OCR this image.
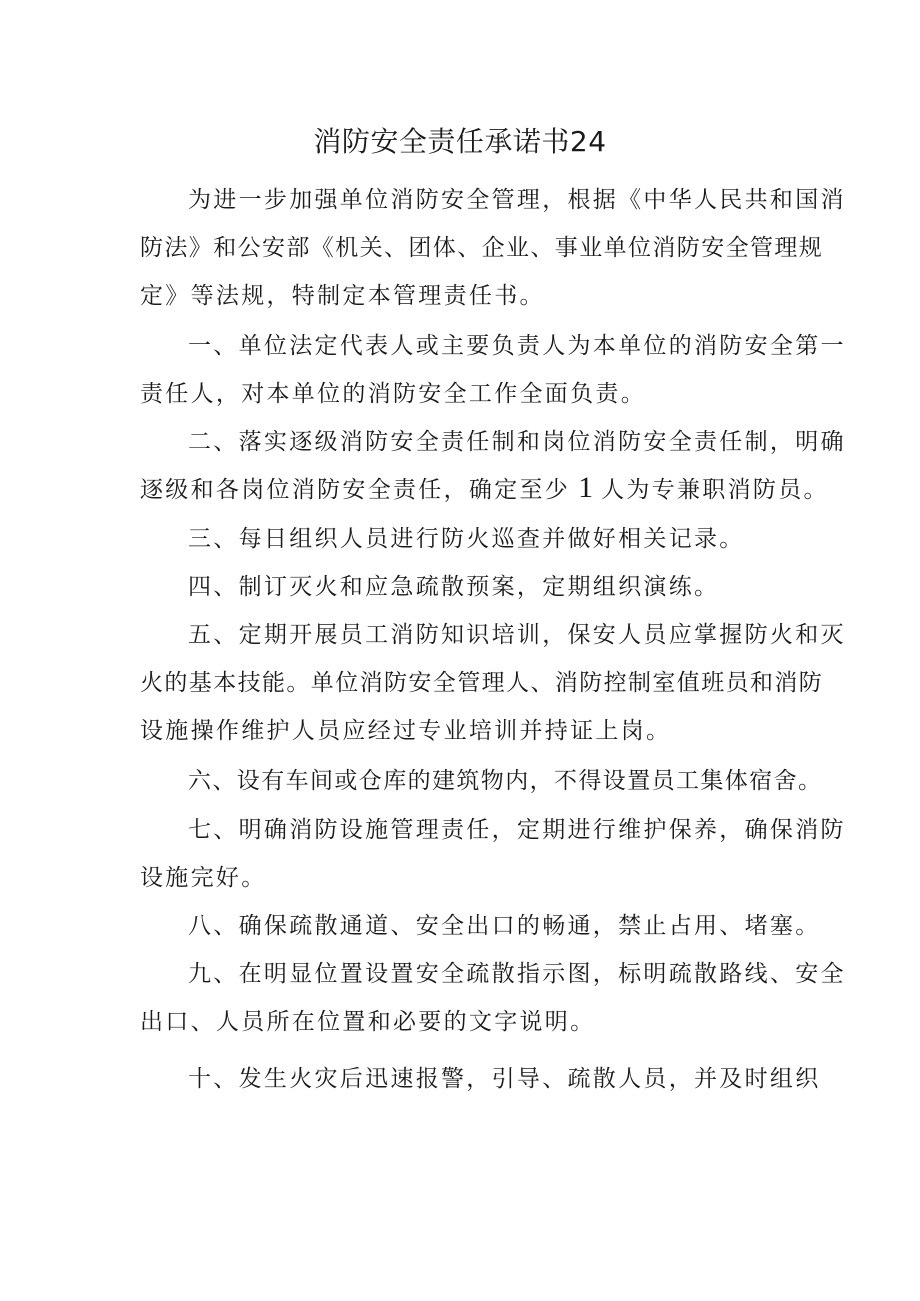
消防安全责任承诺书24
为进一步加强单位消防安全管理，根据《中华人民共和国消
防法》和公安部《机关、团体、企业、事业单位消防安全管理规
定》等法规，特制定本管理责任书。
一、单位法定代表人或主要负责人为本单位的消防安全第一
责任人，对本单位的消防安全工作全面负责。
二、落实逐级消防安全责任制和岗位消防安全责任制，明确
逐级和各岗位消防安全责任，确定至少 1 人为专兼职消防员。
三、每日组织人员进行防火巡查并做好相关记录。
四、制订灭火和应急疏散预案，定期组织演练。
五、定期开展员工消防知识培训，保安人员应掌握防火和灭
火的基本技能。单位消防安全管理人、消防控制室值班员和消防
设施操作维护人员应经过专业培训并持证上岗。
六、设有车间或仓库的建筑物内，不得设置员工集体宿舍。
七、明确消防设施管理责任，定期进行维护保养，确保消防
设施完好。
八、确保疏散通道、安全出口的畅通，禁止占用、堵塞。
九、在明显位置设置安全疏散指示图，标明疏散路线、安全
出口、人员所在位置和必要的文字说明。
十、发生火灾后迅速报警，引导、疏散人员，并及时组织
